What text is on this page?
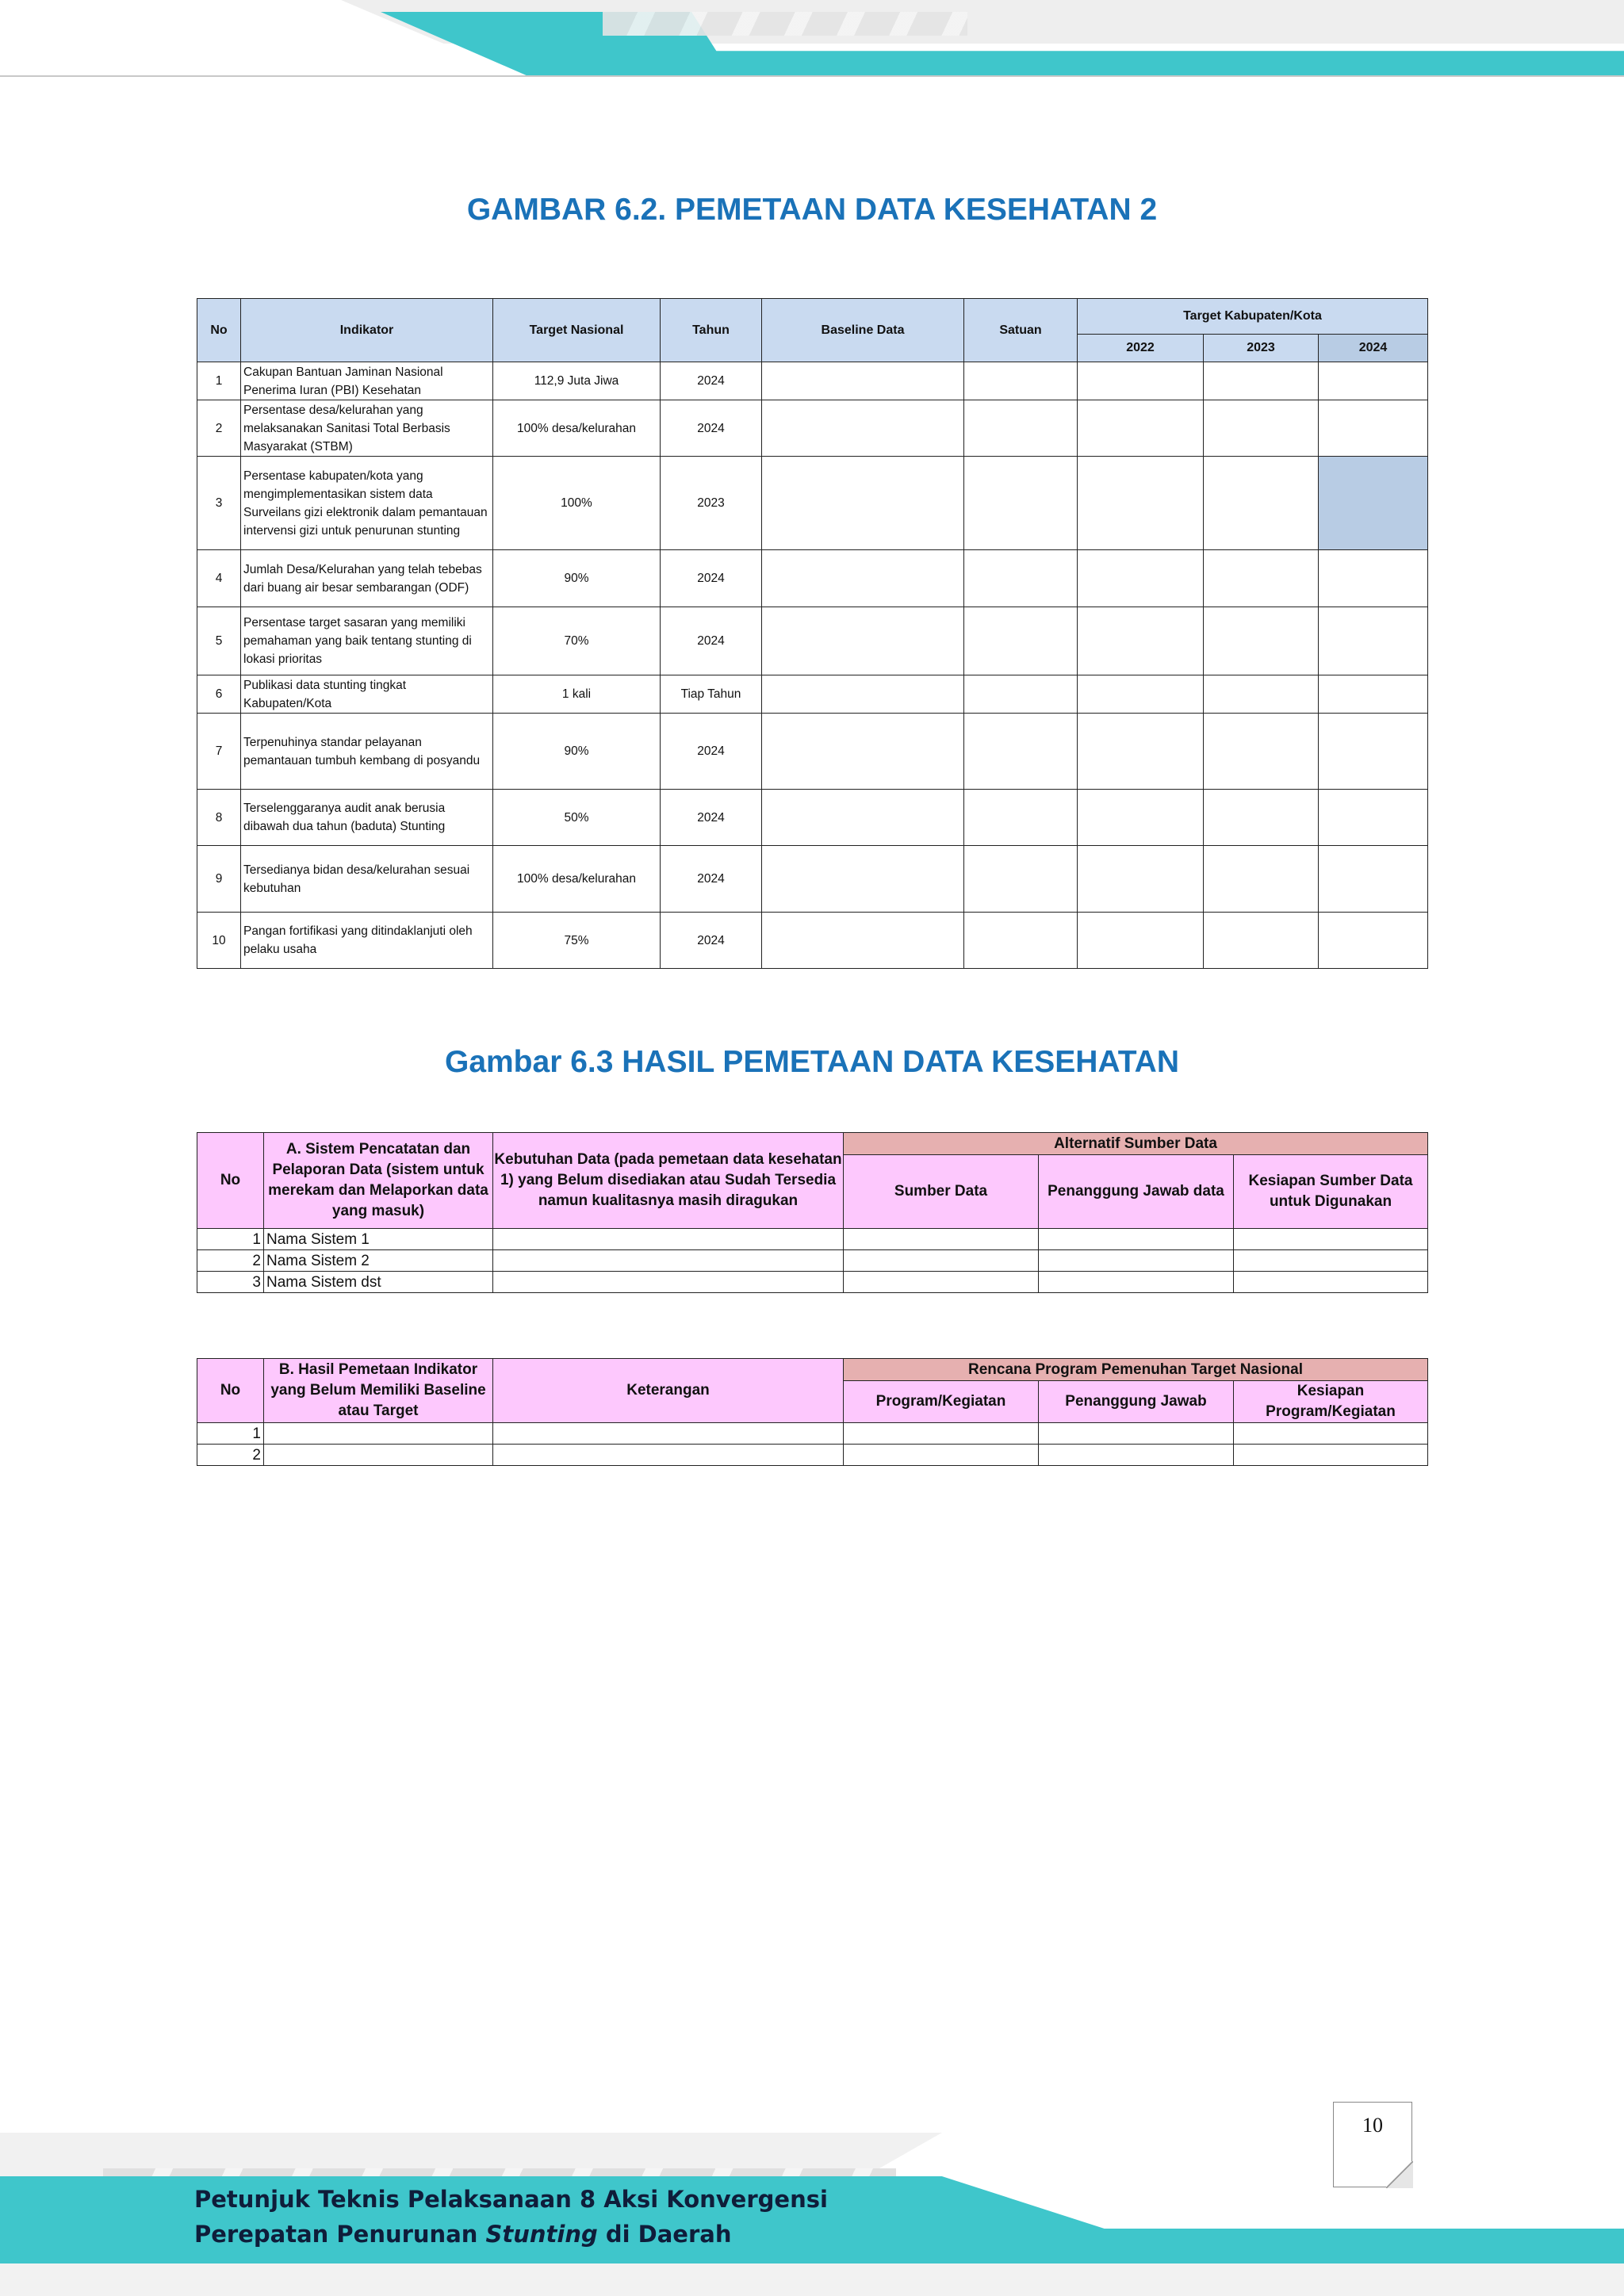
GAMBAR 6.2. PEMETAAN DATA KESEHATAN 2
No	Indikator	Target Nasional	Tahun	Baseline Data	Satuan	Target Kabupaten/Kota		
						2022	2023	2024
1	Cakupan Bantuan Jaminan Nasional Penerima Iuran (PBI) Kesehatan	112,9 Juta Jiwa	2024					
2	Persentase desa/kelurahan yang melaksanakan Sanitasi Total Berbasis Masyarakat (STBM)	100% desa/kelurahan	2024					
3	Persentase kabupaten/kota yang mengimplementasikan sistem data Surveilans gizi elektronik dalam pemantauan intervensi gizi untuk penurunan stunting	100%	2023					
4	Jumlah Desa/Kelurahan yang telah tebebas dari buang air besar sembarangan (ODF)	90%	2024					
5	Persentase target sasaran yang memiliki pemahaman yang baik tentang stunting di lokasi prioritas	70%	2024					
6	Publikasi data stunting tingkat Kabupaten/Kota	1 kali	Tiap Tahun					
7	Terpenuhinya standar pelayanan pemantauan tumbuh kembang di posyandu	90%	2024					
8	Terselenggaranya audit anak berusia dibawah dua tahun (baduta) Stunting	50%	2024					
9	Tersedianya bidan desa/kelurahan sesuai kebutuhan	100% desa/kelurahan	2024					
10	Pangan fortifikasi yang ditindaklanjuti oleh pelaku usaha	75%	2024					
Gambar 6.3 HASIL PEMETAAN DATA KESEHATAN
No	A. Sistem Pencatatan dan Pelaporan Data (sistem untuk merekam dan Melaporkan data yang masuk)	Kebutuhan Data (pada pemetaan data kesehatan 1) yang Belum disediakan atau Sudah Tersedia namun kualitasnya masih diragukan	Alternatif Sumber Data		
			Sumber Data	Penanggung Jawab data	Kesiapan Sumber Data untuk Digunakan
1	Nama Sistem 1				
2	Nama Sistem 2				
3	Nama Sistem dst				
No	B. Hasil Pemetaan Indikator yang Belum Memiliki Baseline atau Target	Keterangan	Rencana Program Pemenuhan Target Nasional		
			Program/Kegiatan	Penanggung Jawab	Kesiapan Program/Kegiatan
1					
2					
10
Petunjuk Teknis Pelaksanaan 8 Aksi Konvergensi
Perepatan Penurunan Stunting di Daerah
